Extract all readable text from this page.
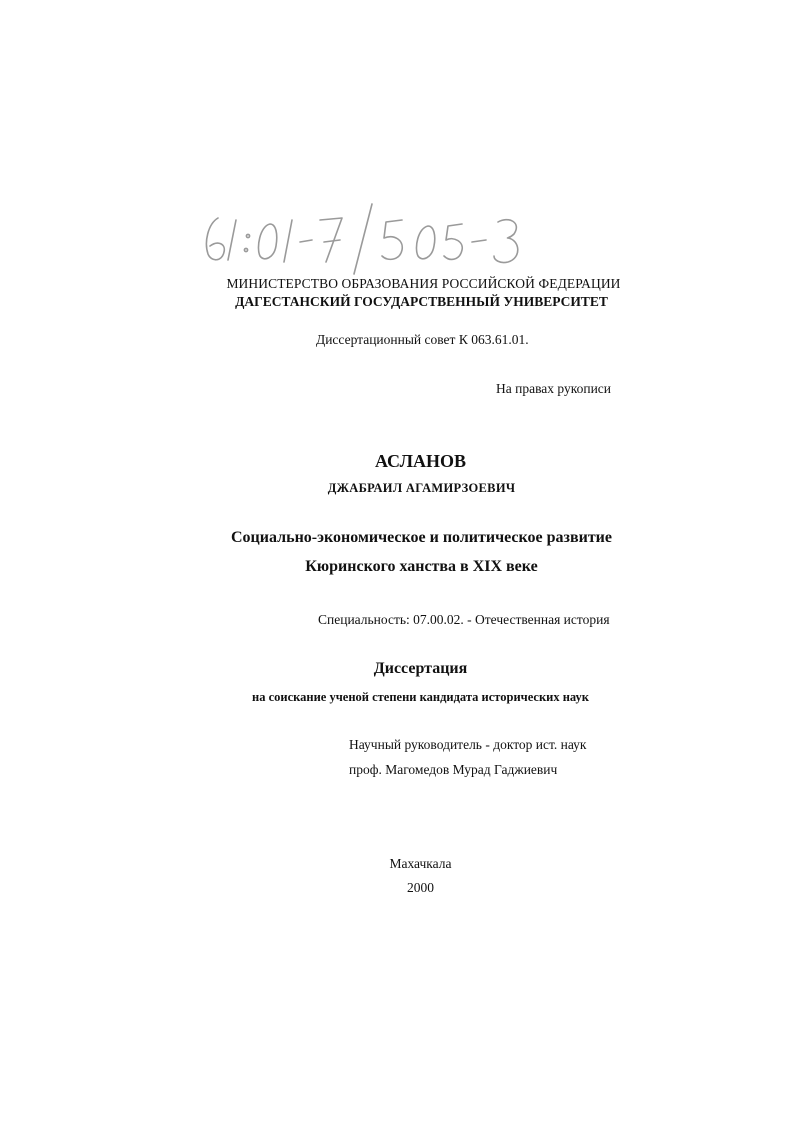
МИНИСТЕРСТВО ОБРАЗОВАНИЯ РОССИЙСКОЙ ФЕДЕРАЦИИ
ДАГЕСТАНСКИЙ ГОСУДАРСТВЕННЫЙ УНИВЕРСИТЕТ
Диссертационный совет К 063.61.01.
На правах рукописи
АСЛАНОВ
ДЖАБРАИЛ АГАМИРЗОЕВИЧ
Социально-экономическое и политическое развитие
Кюринского ханства в XIX веке
Специальность: 07.00.02. - Отечественная история
Диссертация
на соискание ученой степени кандидата исторических наук
Научный руководитель - доктор ист. наук
проф. Магомедов Мурад Гаджиевич
Махачкала
2000
